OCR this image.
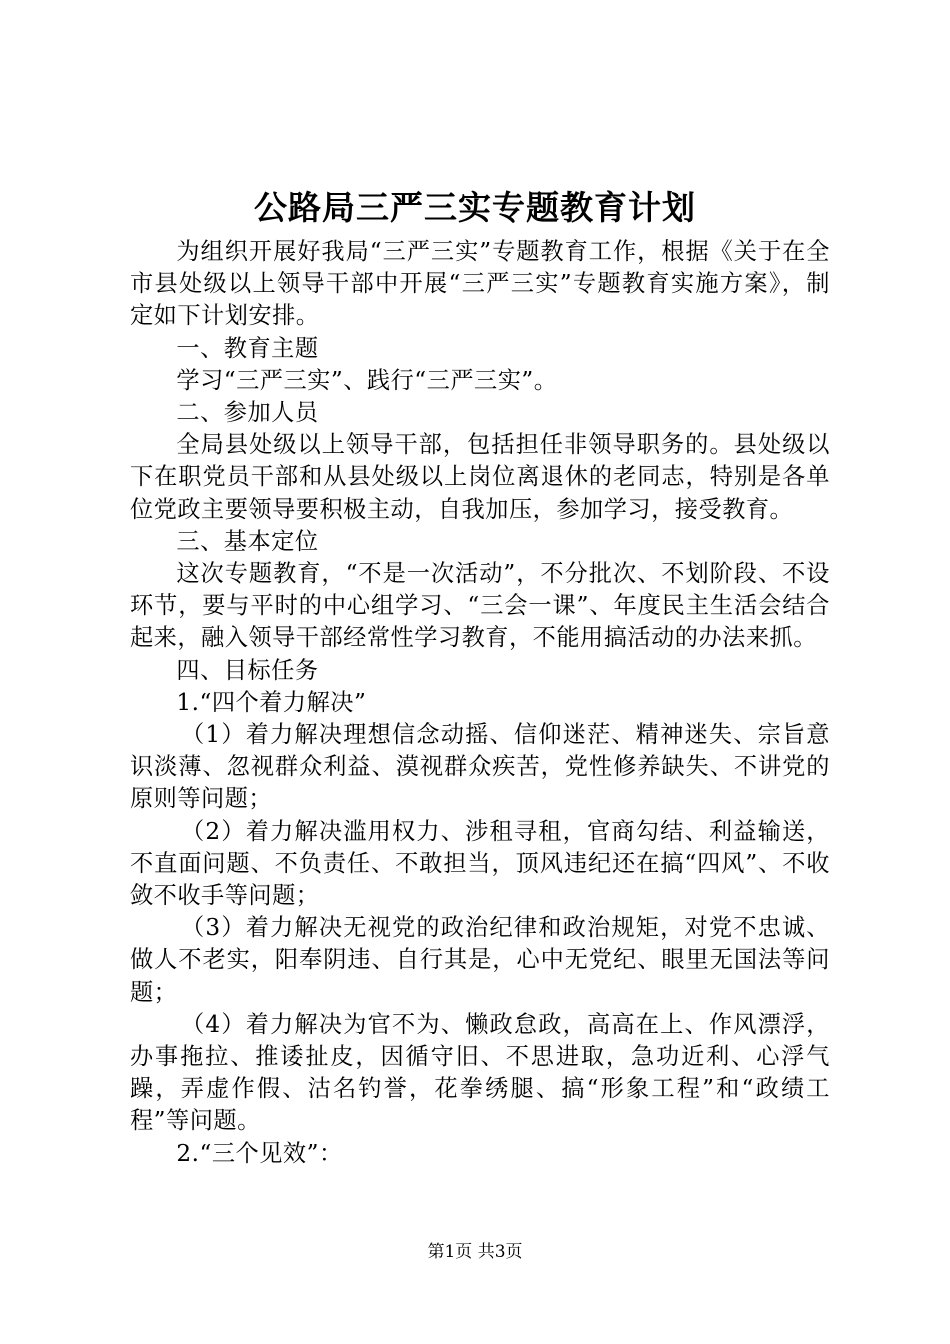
公路局三严三实专题教育计划

为组织开展好我局“三严三实”专题教育工作，根据《关于在全市县处级以上领导干部中开展“三严三实”专题教育实施方案》，制定如下计划安排。

一、教育主题

学习“三严三实”、践行“三严三实”。

二、参加人员

全局县处级以上领导干部，包括担任非领导职务的。县处级以下在职党员干部和从县处级以上岗位离退休的老同志，特别是各单位党政主要领导要积极主动，自我加压，参加学习，接受教育。

三、基本定位

这次专题教育，“不是一次活动”，不分批次、不划阶段、不设环节，要与平时的中心组学习、“三会一课”、年度民主生活会结合起来，融入领导干部经常性学习教育，不能用搞活动的办法来抓。

四、目标任务

1.“四个着力解决”

（1）着力解决理想信念动摇、信仰迷茫、精神迷失、宗旨意识淡薄、忽视群众利益、漠视群众疾苦，党性修养缺失、不讲党的原则等问题；

（2）着力解决滥用权力、涉租寻租，官商勾结、利益输送，不直面问题、不负责任、不敢担当，顶风违纪还在搞“四风”、不收敛不收手等问题；

（3）着力解决无视党的政治纪律和政治规矩，对党不忠诚、做人不老实，阳奉阴违、自行其是，心中无党纪、眼里无国法等问题；

（4）着力解决为官不为、懒政怠政，高高在上、作风漂浮，办事拖拉、推诿扯皮，因循守旧、不思进取，急功近利、心浮气躁，弄虚作假、沽名钓誉，花拳绣腿、搞“形象工程”和“政绩工程”等问题。

2.“三个见效”：

第1页 共3页
